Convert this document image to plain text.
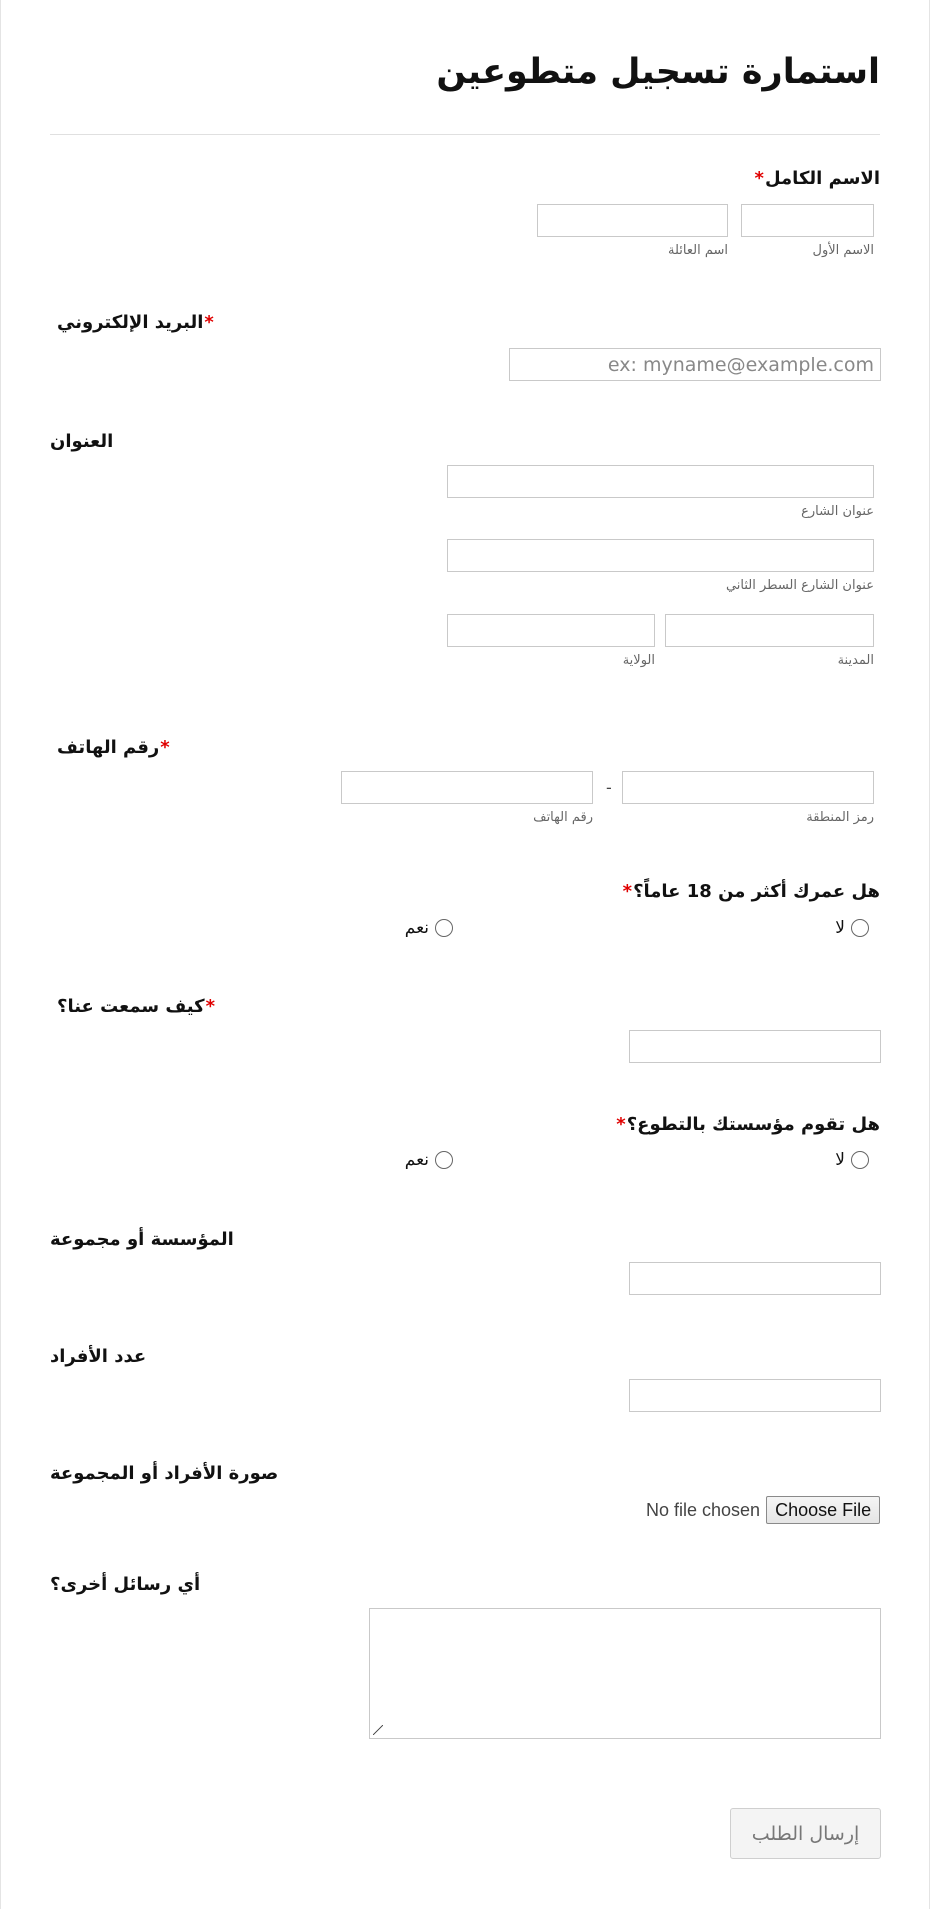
استمارة تسجيل متطوعين
الاسم الكامل*
الاسم الأول
اسم العائلة
*البريد الإلكتروني
ex: myname@example.com
العنوان
عنوان الشارع
عنوان الشارع السطر الثاني
المدينة
الولاية
*رقم الهاتف
-
رمز المنطقة
رقم الهاتف
هل عمرك أكثر من 18 عاماً؟*
لا
نعم
*كيف سمعت عنا؟
هل تقوم مؤسستك بالتطوع؟*
لا
نعم
المؤسسة أو مجموعة
عدد الأفراد
صورة الأفراد أو المجموعة
No file chosen Choose File
أي رسائل أخرى؟
إرسال الطلب
